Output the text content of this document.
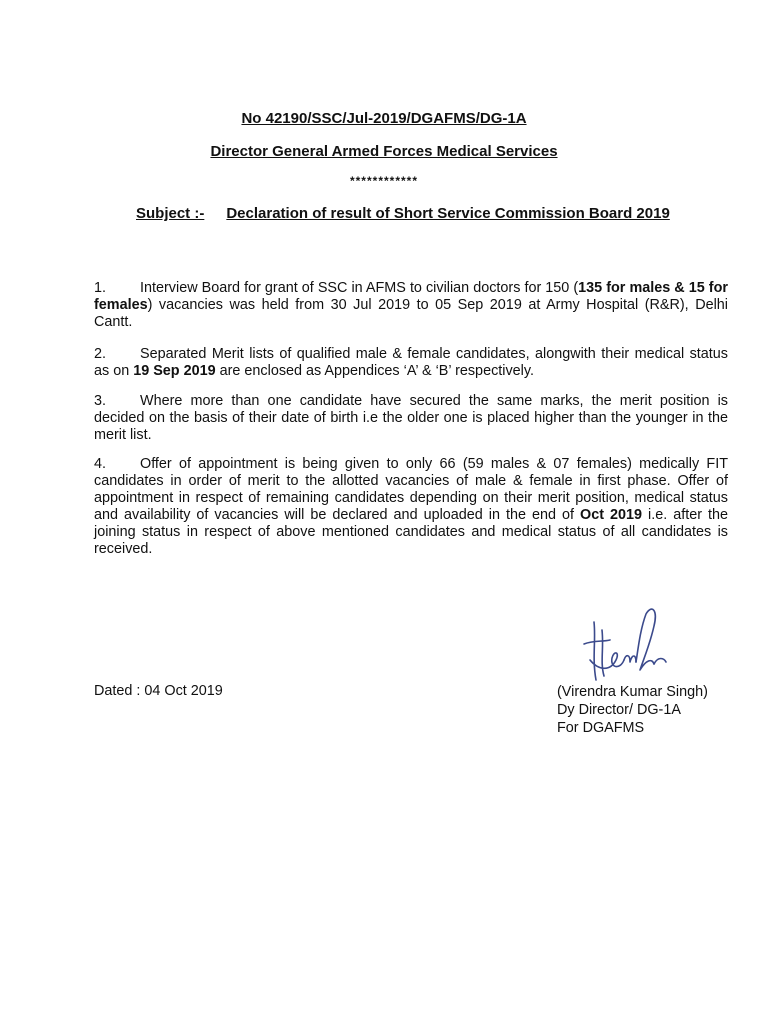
No 42190/SSC/Jul-2019/DGAFMS/DG-1A
Director General Armed Forces Medical Services
************
Subject :- Declaration of result of Short Service Commission Board 2019
1. Interview Board for grant of SSC in AFMS to civilian doctors for 150 (135 for males & 15 for females) vacancies was held from 30 Jul 2019 to 05 Sep 2019 at Army Hospital (R&R), Delhi Cantt.
2. Separated Merit lists of qualified male & female candidates, alongwith their medical status as on 19 Sep 2019 are enclosed as Appendices ‘A’ & ‘B’ respectively.
3. Where more than one candidate have secured the same marks, the merit position is decided on the basis of their date of birth i.e the older one is placed higher than the younger in the merit list.
4. Offer of appointment is being given to only 66 (59 males & 07 females) medically FIT candidates in order of merit to the allotted vacancies of male & female in first phase. Offer of appointment in respect of remaining candidates depending on their merit position, medical status and availability of vacancies will be declared and uploaded in the end of Oct 2019 i.e. after the joining status in respect of above mentioned candidates and medical status of all candidates is received.
Dated : 04 Oct 2019	(Virendra Kumar Singh)
Dy Director/ DG-1A
For DGAFMS
